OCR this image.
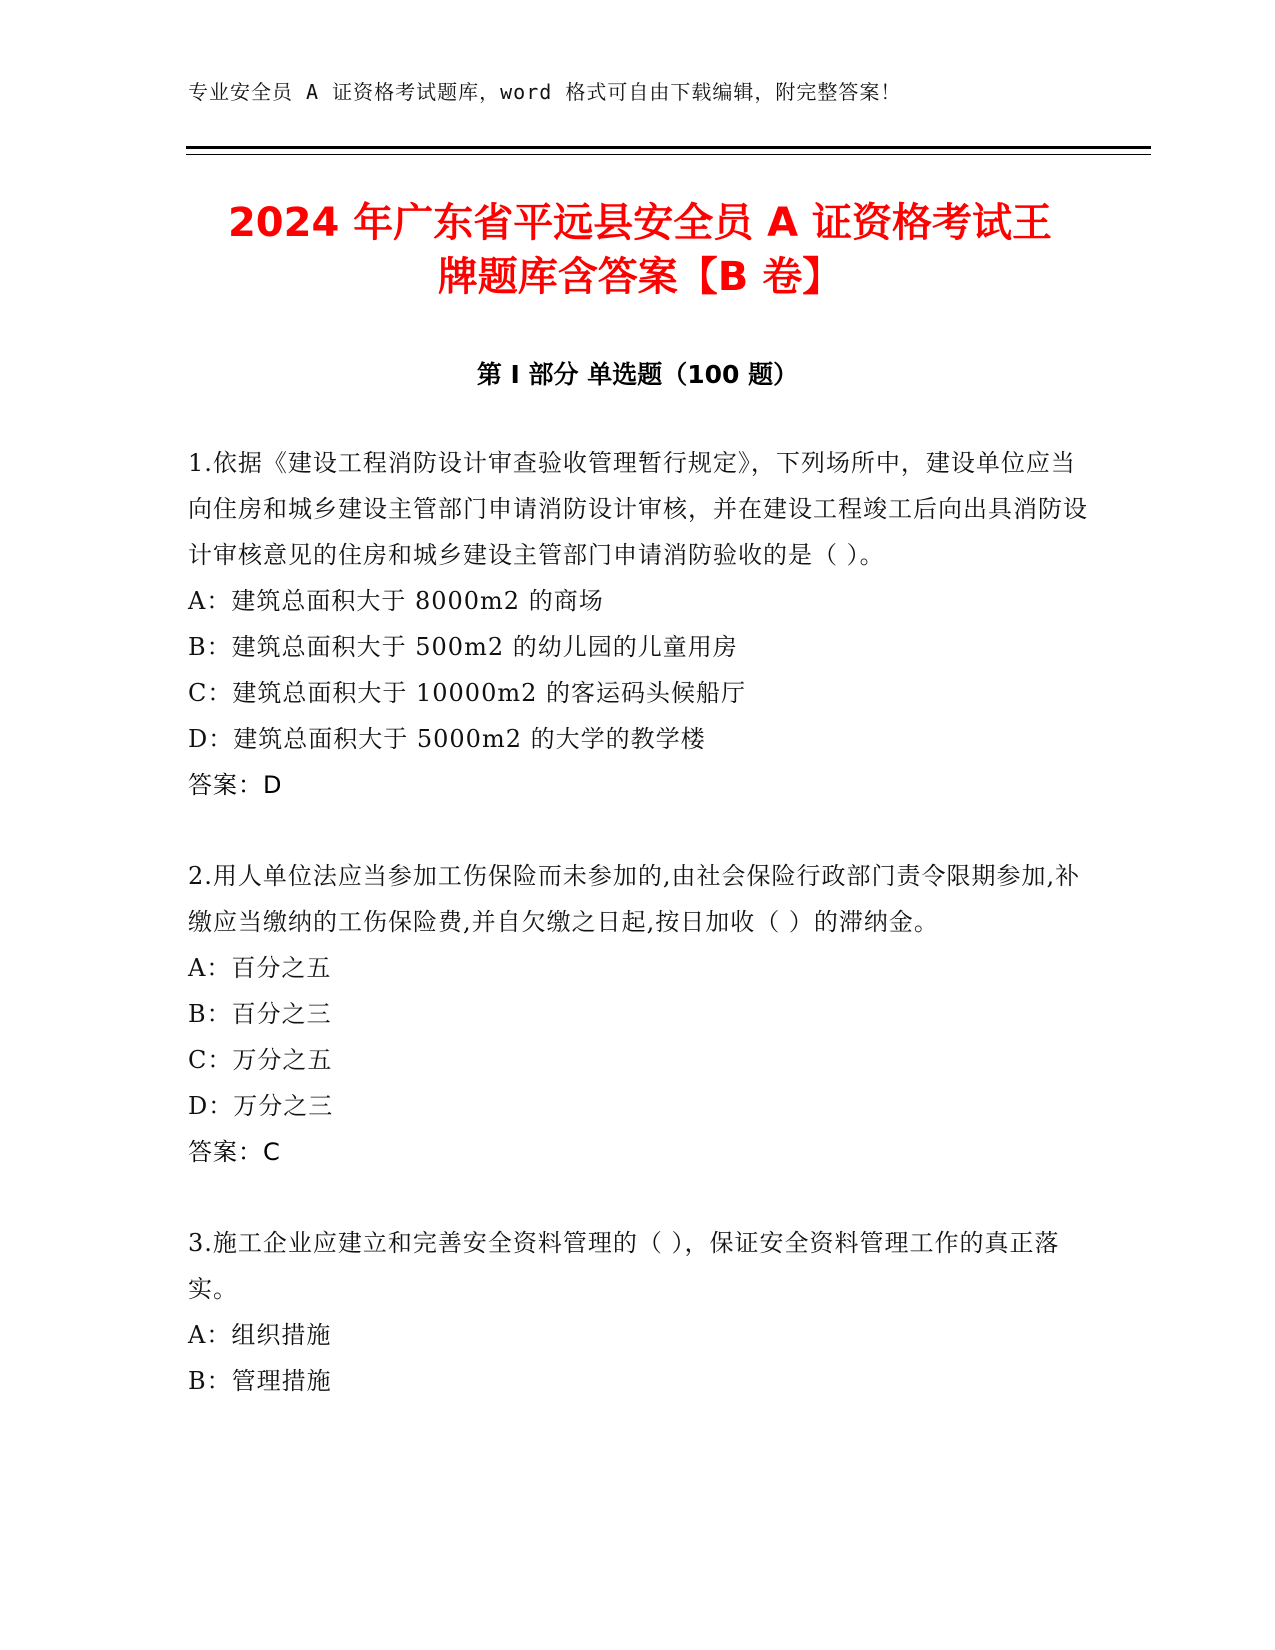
专业安全员 A 证资格考试题库，word 格式可自由下载编辑，附完整答案！
2024 年广东省平远县安全员 A 证资格考试王
牌题库含答案【B 卷】
第 I 部分 单选题（100 题）

1.依据《建设工程消防设计审查验收管理暂行规定》，下列场所中，建设单位应当向住房和城乡建设主管部门申请消防设计审核，并在建设工程竣工后向出具消防设计审核意见的住房和城乡建设主管部门申请消防验收的是（ ）。

A：建筑总面积大于 8000m2 的商场

B：建筑总面积大于 500m2 的幼儿园的儿童用房

C：建筑总面积大于 10000m2 的客运码头候船厅

D：建筑总面积大于 5000m2 的大学的教学楼

答案：D

2.用人单位法应当参加工伤保险而未参加的,由社会保险行政部门责令限期参加,补缴应当缴纳的工伤保险费,并自欠缴之日起,按日加收（ ）的滞纳金。

A：百分之五

B：百分之三

C：万分之五

D：万分之三

答案：C

3.施工企业应建立和完善安全资料管理的（ ），保证安全资料管理工作的真正落实。

A：组织措施

B：管理措施
